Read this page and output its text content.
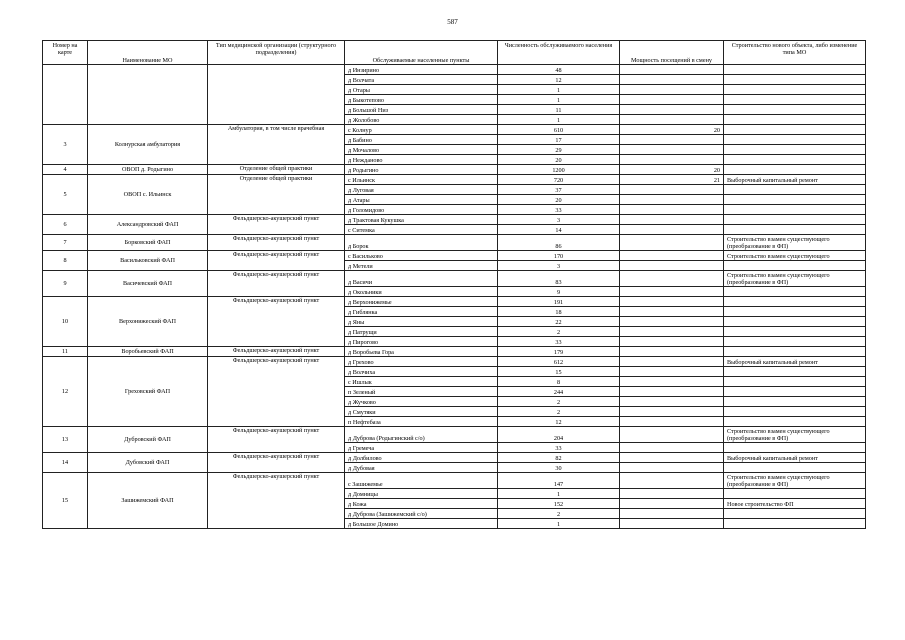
587
Номер на карте	Наименование МО	Тип медицинской организации (структурного подразделения)	Обслуживаемые населенные пункты	Численность обслуживаемого населения	Мощность посещений в смену	Строительство нового объекта, либо изменение типа МО
			д Инзирино	48		
			д Волчата	12		
			д Отары	1		
			д Быкотепово	1		
			д Большой Низ	11		
			д Жолобово	1		
3	Колнурская амбулатория	Амбулатория, в том числе врачебная	с Колнур	610	20	
			д Бабино	17		
			д Мочалово	29		
			д Нежданово	20		
4	ОВОП д. Родыгино	Отделение общей практики	д Родыгино	1200	20	
5	ОВОП с. Ильинск	Отделение общей практики	с Ильинск	720	21	Выборочный капитальный ремонт
			д Луговая	37		
			д Атары	20		
			д Голомидово	33		
6	Александровский ФАП	Фельдшерско-акушерский пункт	д Трактовая Кукушка	3		
			с Ситемка	14		
7	Борковский ФАП	Фельдшерско-акушерский пункт	д Борок	86		Строительство взамен существующего (преобразование в ФП)
8	Васильковский ФАП	Фельдшерско-акушерский пункт	с Васильково	170		Строительство взамен существующего
			д Метели	3		
9	Васичевский ФАП	Фельдшерско-акушерский пункт	д Васичи	83		Строительство взамен существующего (преобразование в ФП)
			д Окольники	9		
10	Верхонижеский ФАП	Фельдшерско-акушерский пункт	д Верхонижемье	191		
			д Гиблянка	18		
			д Яны	22		
			д Патрущи	2		
			д Пирогово	33		
11	Воробьевский ФАП	Фельдшерско-акушерский пункт	д Воробьева Гора	179		
12	Греховский ФАП	Фельдшерско-акушерский пункт	д Грехово	612		Выборочный капитальный ремонт
			д Волчиха	15		
			с Ишлык	8		
			п Зеленый	244		
			д Жучково	2		
			д Смутяки	2		
			п Нефтебаза	12		
13	Дубровский ФАП	Фельдшерско-акушерский пункт	д Дуброва (Родыгинский с/о)	204		Строительство взамен существующего (преобразование в ФП)
			д Гремеча	33		
14	Дубовский ФАП	Фельдшерско-акушерский пункт	д Долбилово	82		Выборочный капитальный ремонт
			д Дубовая	30		
15	Зашижемский ФАП	Фельдшерско-акушерский пункт	с Зашижемье	147		Строительство взамен существующего (преобразование в ФП)
			д Домницы	1		
			д Кожа	152		Новое строительство ФП
			д Дуброва (Зашижемский с/о)	2		
			д Большое Домино	1		
